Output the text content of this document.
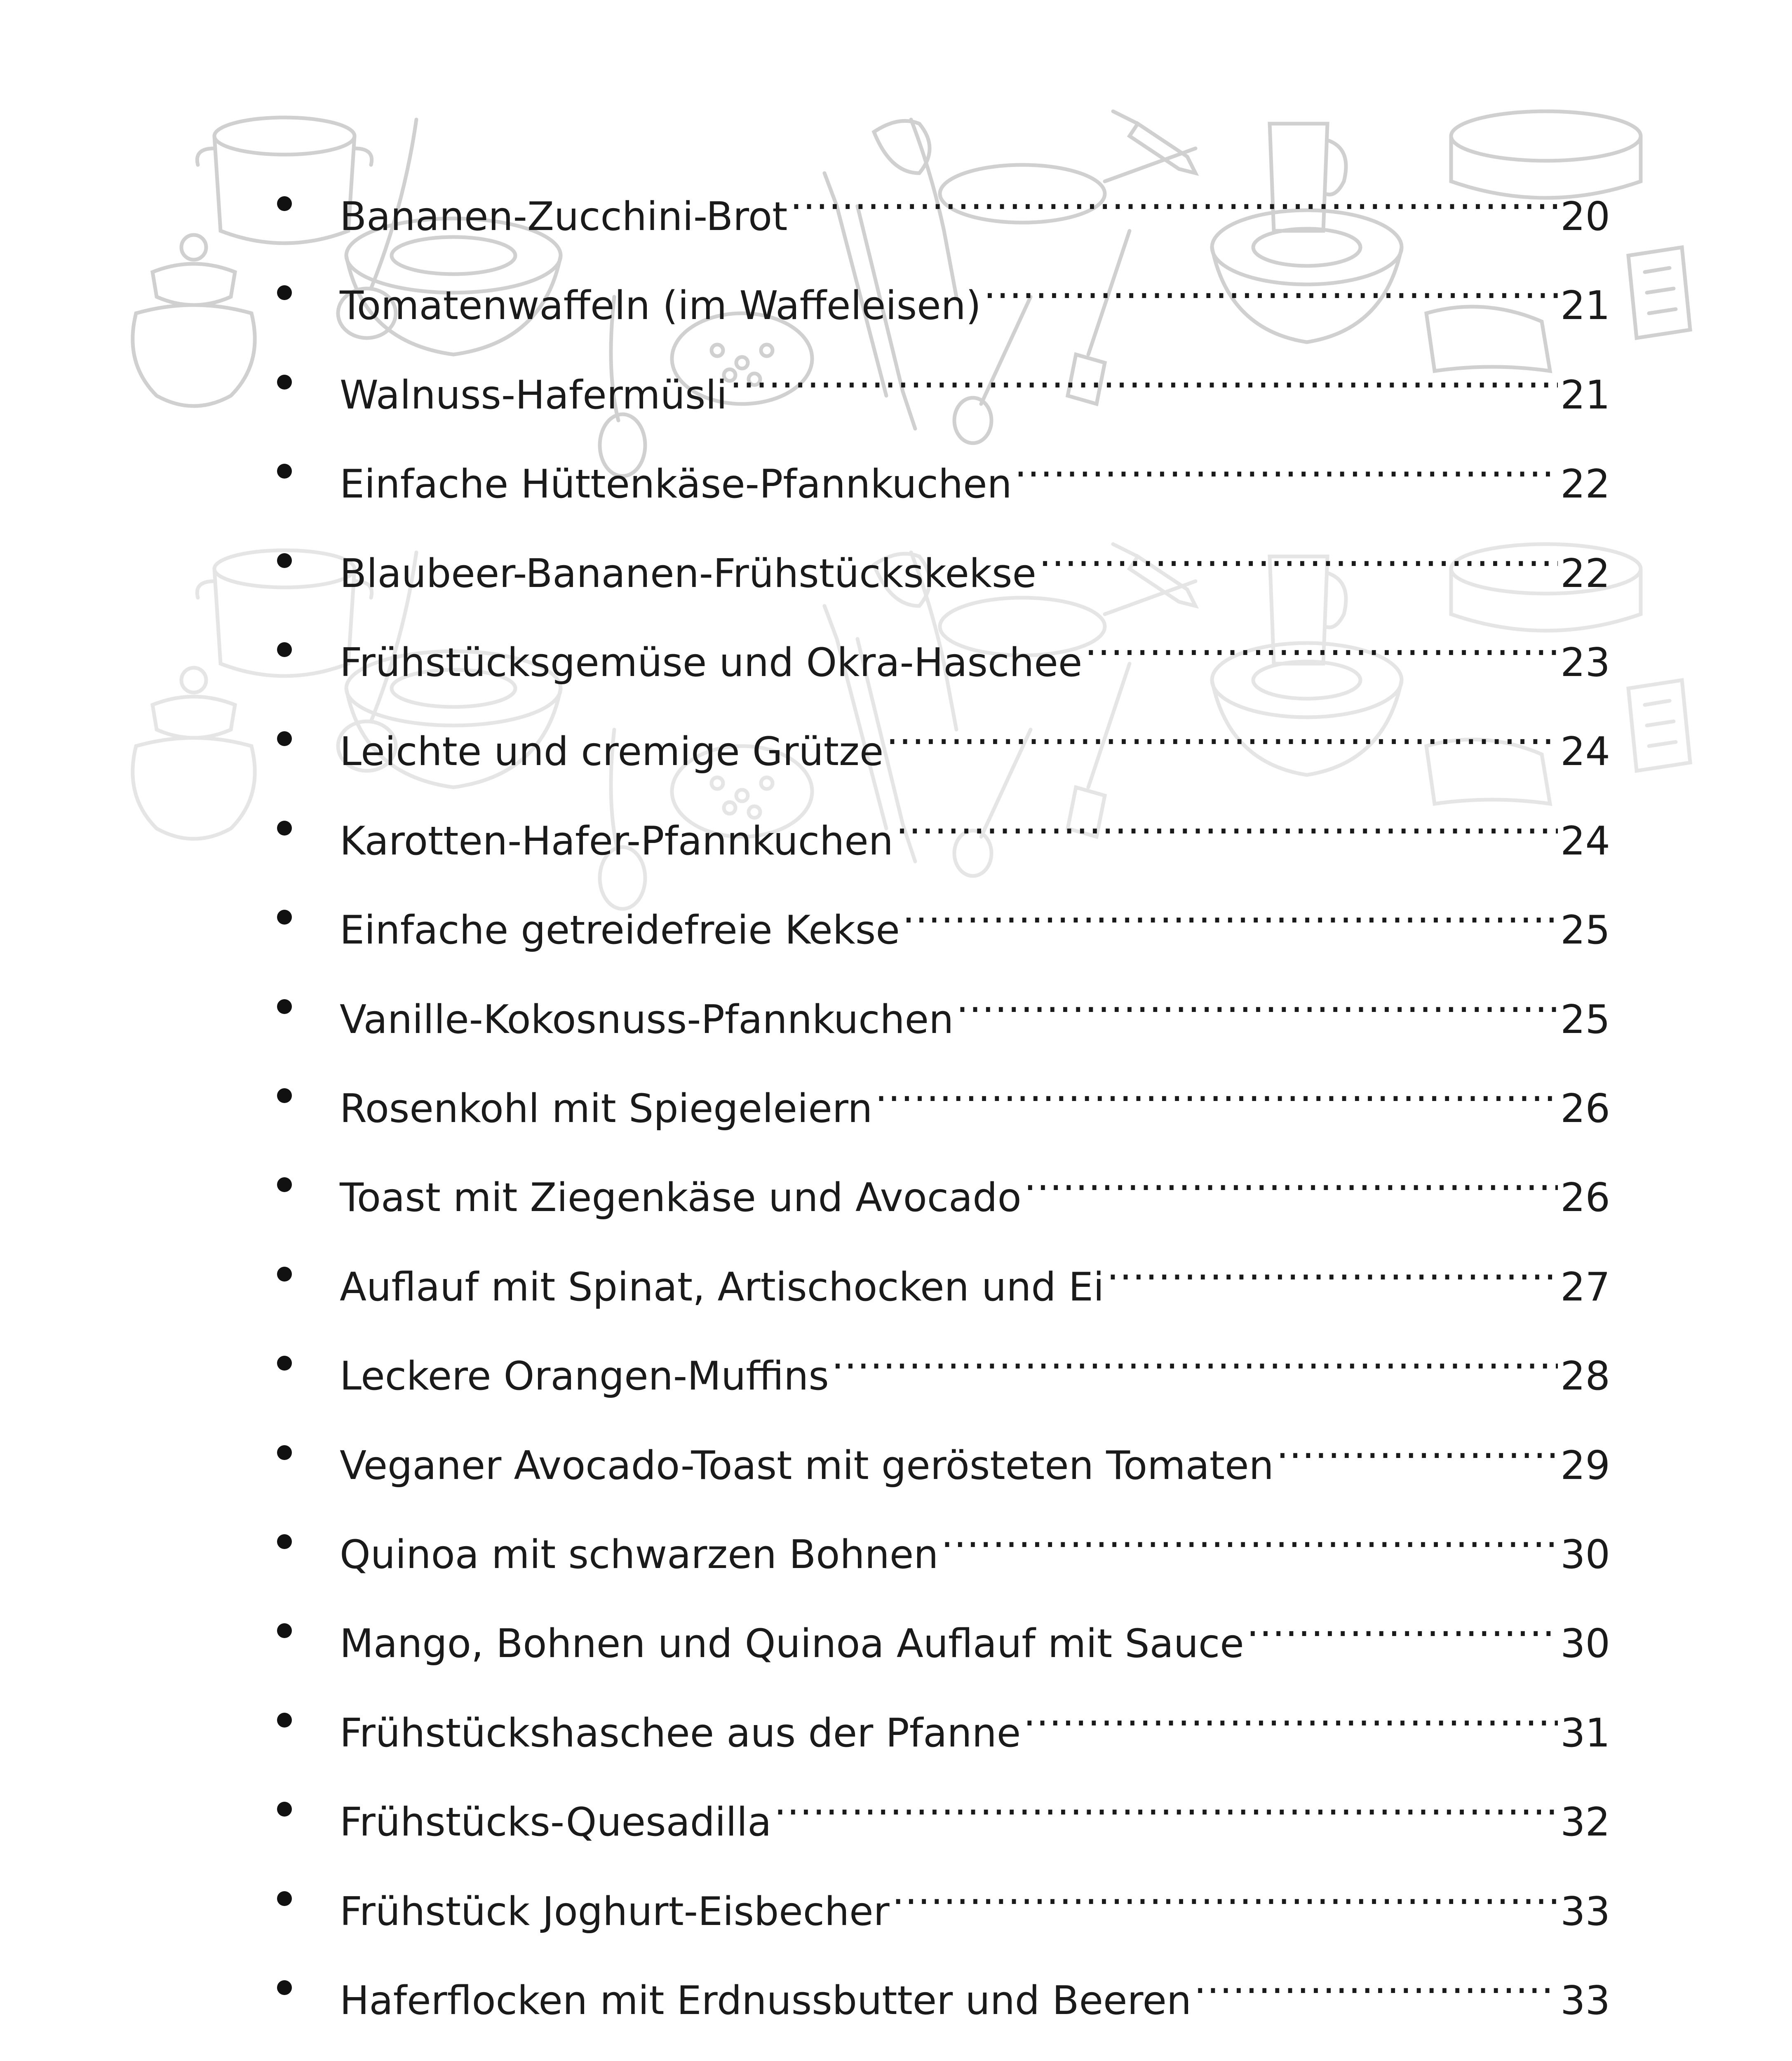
Bananen-Zucchini-Brot .....	20
Tomatenwaffeln (im Waffeleisen) .....	21
Walnuss-Hafermüsli .....	21
Einfache Hüttenkäse-Pfannkuchen .....	22
Blaubeer-Bananen-Frühstückskekse .....	22
Frühstücksgemüse und Okra-Haschee .....	23
Leichte und cremige Grütze .....	24
Karotten-Hafer-Pfannkuchen .....	24
Einfache getreidefreie Kekse .....	25
Vanille-Kokosnuss-Pfannkuchen .....	25
Rosenkohl mit Spiegeleiern .....	26
Toast mit Ziegenkäse und Avocado .....	26
Auflauf mit Spinat, Artischocken und Ei .....	27
Leckere Orangen-Muffins .....	28
Veganer Avocado-Toast mit gerösteten Tomaten .....	29
Quinoa mit schwarzen Bohnen .....	30
Mango, Bohnen und Quinoa Auflauf mit Sauce .....	30
Frühstückshaschee aus der Pfanne .....	31
Frühstücks-Quesadilla .....	32
Frühstück Joghurt-Eisbecher .....	33
Haferflocken mit Erdnussbutter und Beeren .....	33
.....
